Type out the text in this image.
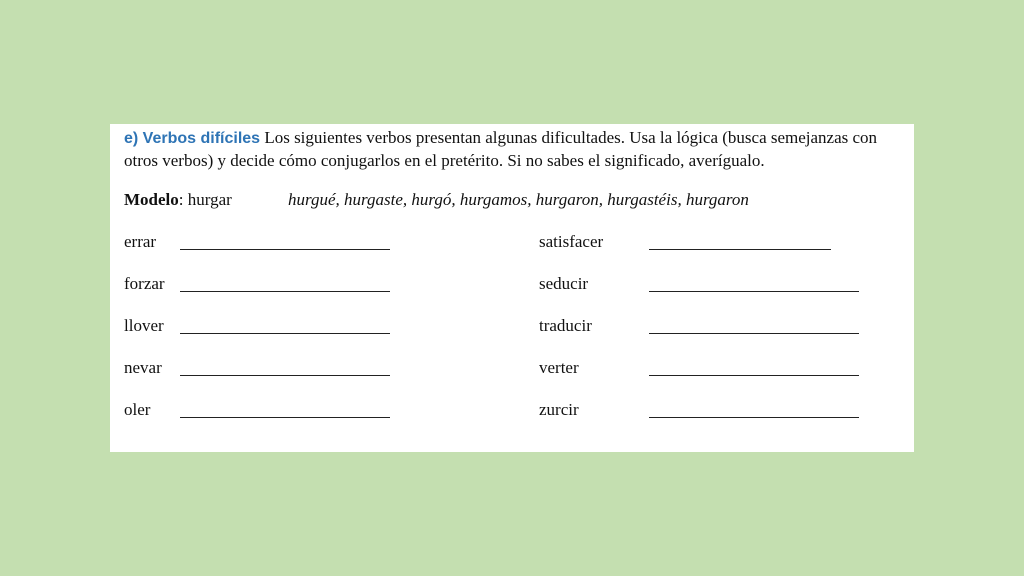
e) Verbos difíciles Los siguientes verbos presentan algunas dificultades. Usa la lógica (busca semejanzas con otros verbos) y decide cómo conjugarlos en el pretérito. Si no sabes el significado, averígualo.
Modelo: hurgar	hurgué, hurgaste, hurgó, hurgamos, hurgaron, hurgastéis, hurgaron
errar
forzar
llover
nevar
oler
satisfacer
seducir
traducir
verter
zurcir
